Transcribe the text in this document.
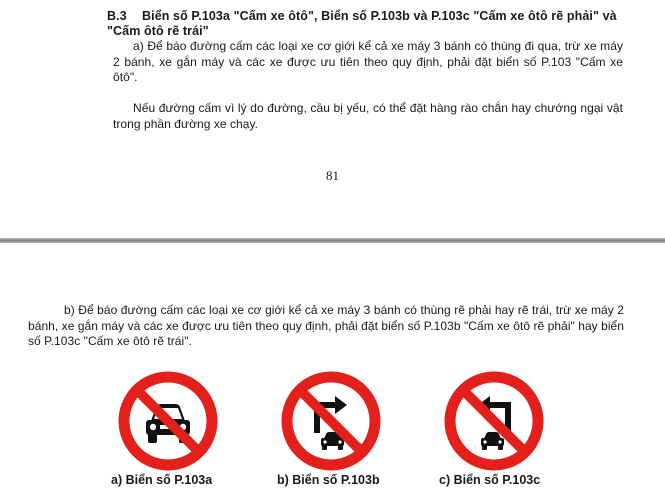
B.3 Biển số P.103a "Cấm xe ôtô", Biển số P.103b và P.103c "Cấm xe ôtô rẽ phải" và "Cấm ôtô rẽ trái"
a) Để báo đường cấm các loại xe cơ giới kể cả xe máy 3 bánh có thùng đi qua, trừ xe máy 2 bánh, xe gắn máy và các xe được ưu tiên theo quy định, phải đặt biển số P.103 "Cấm xe ôtô".
Nếu đường cấm vì lý do đường, cầu bị yếu, có thể đặt hàng rào chắn hay chướng ngại vật trong phần đường xe chạy.
81
b) Để báo đường cấm các loại xe cơ giới kể cả xe máy 3 bánh có thùng rẽ phải hay rẽ trái, trừ xe máy 2 bánh, xe gắn máy và các xe được ưu tiên theo quy định, phải đặt biển số P.103b "Cấm xe ôtô rẽ phải" hay biển số P.103c "Cấm xe ôtô rẽ trái".
a) Biển số P.103a	b) Biển số P.103b	c) Biển số P.103c
